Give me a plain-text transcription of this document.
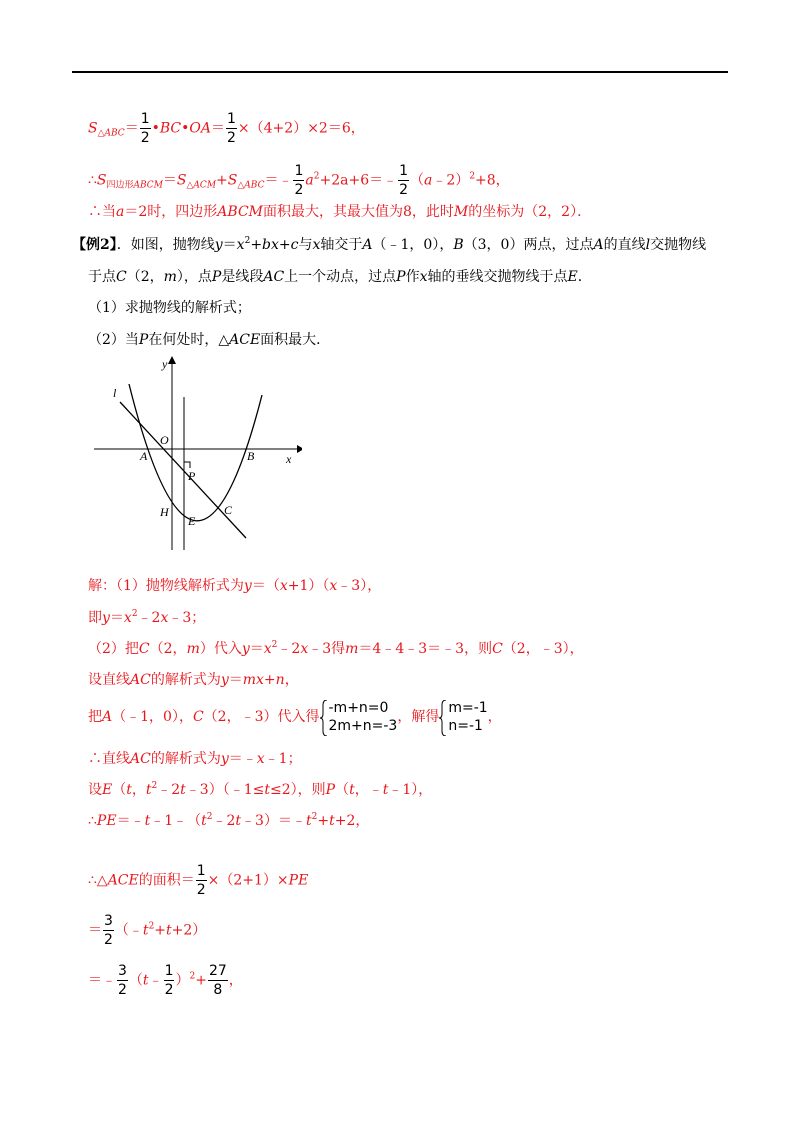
$S_{\triangle ABC}= \frac{1}{2}$ •BC•OA＝ $\frac{1}{2} \times(4+2)\times 2=6$，
$\therefore S_{四边形ABCM}=S_{\triangle ACM}+S_{\triangle ABC}=﹣ \frac{1}{2}$ $a^2+2a+6=﹣ \frac{1}{2}$ （a﹣2）$^2$+8，
∴当a＝2时，四边形ABCM面积最大，其最大值为8，此时M的坐标为（2，2）．
【例2】．如图，抛物线$y=x^2+bx+c$与x轴交于A（﹣1，0），B（3，0）两点，过点A的直线l交抛物线
于点C（2，m），点P是线段AC上一个动点，过点P作x轴的垂线交抛物线于点E．
（1）求抛物线的解析式；
（2）当P在何处时，△ACE面积最大．
y
x
l
O
A	B
P
H
E
C
解：（1）抛物线解析式为y＝（x+1）（x﹣3），
即$y=x^2﹣2x﹣3$；
（2）把C（2，m）代入$y=x^2﹣2x﹣3$得m＝4﹣4﹣3＝﹣3，则C（2，﹣3），
设直线AC的解析式为y＝mx+n，
把A（﹣1，0），C（2，﹣3）代入得
-m+n=0
2m+n=-3
，解得
m=-1
n=-1
，
∴直线AC的解析式为y＝﹣x﹣1；
设E（t，$t^2﹣2t﹣3)(﹣1\le t\le 2)$，则P（t，﹣t﹣1），
$\therefore PE=﹣t﹣1﹣(t^2﹣2t﹣3)=﹣t^2+t+2$，
∴△ACE的面积＝ $\frac{1}{2} \times(2+1)\times PE$
＝ $\frac{3}{2}$ $(﹣t^2+t+2)$
＝﹣ $\frac{3}{2}$ （t﹣ $\frac{1}{2} )^2+ \frac{27}{8}$ ，
